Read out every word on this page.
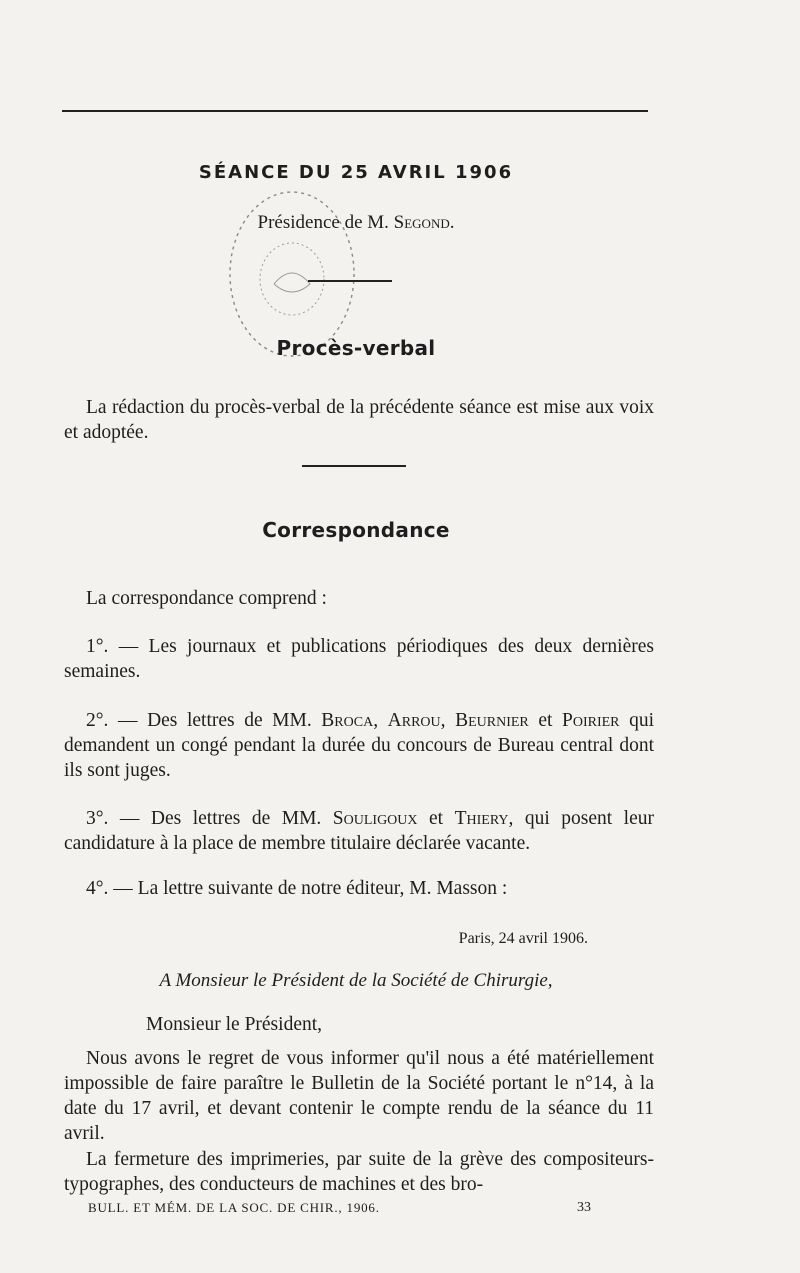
SÉANCE DU 25 AVRIL 1906
Présidence de M. Segond.
Procès-verbal
La rédaction du procès-verbal de la précédente séance est mise aux voix et adoptée.
Correspondance
La correspondance comprend :
1°. — Les journaux et publications périodiques des deux dernières semaines.
2°. — Des lettres de MM. Broca, Arrou, Beurnier et Poirier qui demandent un congé pendant la durée du concours de Bureau central dont ils sont juges.
3°. — Des lettres de MM. Souligoux et Thiery, qui posent leur candidature à la place de membre titulaire déclarée vacante.
4°. — La lettre suivante de notre éditeur, M. Masson :
Paris, 24 avril 1906.
A Monsieur le Président de la Société de Chirurgie,
Monsieur le Président,
Nous avons le regret de vous informer qu'il nous a été matériellement impossible de faire paraître le Bulletin de la Société portant le n°14, à la date du 17 avril, et devant contenir le compte rendu de la séance du 11 avril.
La fermeture des imprimeries, par suite de la grève des compositeurs-typographes, des conducteurs de machines et des bro-
BULL. ET MÉM. DE LA SOC. DE CHIR., 1906.	33
